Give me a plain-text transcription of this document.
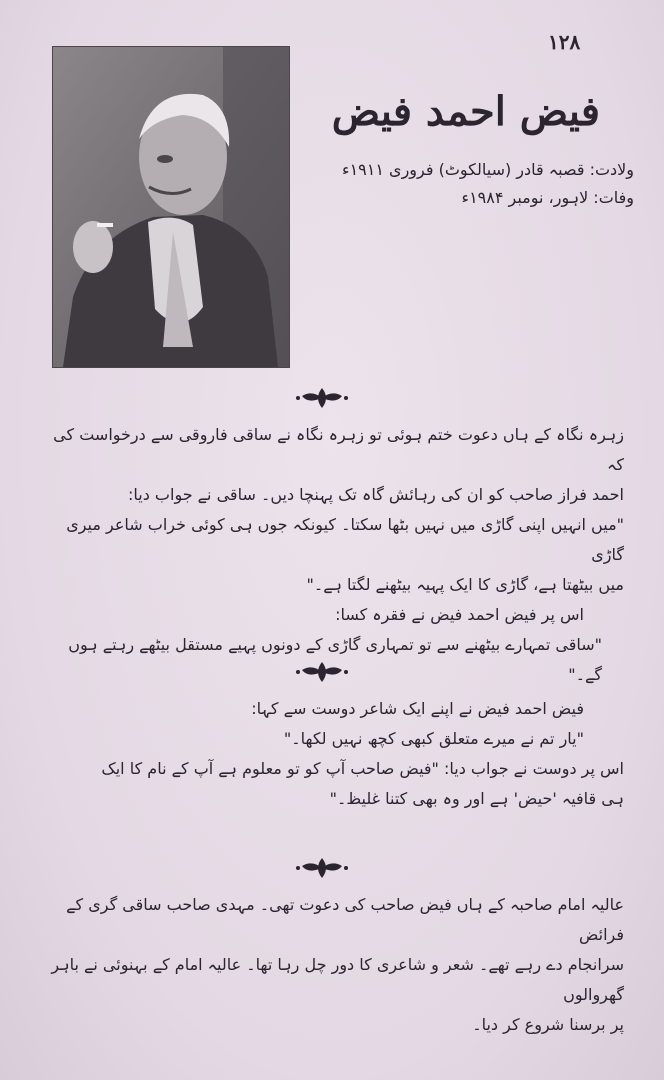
۱۲۸
فیض احمد فیض

ولادت: قصبہ قادر (سیالکوٹ) فروری ۱۹۱۱ء

وفات: لاہور، نومبر ۱۹۸۴ء

زہرہ نگاہ کے ہاں دعوت ختم ہوئی تو زہرہ نگاہ نے ساقی فاروقی سے درخواست کی کہ

احمد فراز صاحب کو ان کی رہائش گاہ تک پہنچا دیں۔ ساقی نے جواب دیا:

"میں انہیں اپنی گاڑی میں نہیں بٹھا سکتا۔ کیونکہ جوں ہی کوئی خراب شاعر میری گاڑی

میں بیٹھتا ہے، گاڑی کا ایک پہیہ بیٹھنے لگتا ہے۔"

اس پر فیض احمد فیض نے فقرہ کسا:

"ساقی تمہارے بیٹھنے سے تو تمہاری گاڑی کے دونوں پہیے مستقل بیٹھے رہتے ہوں گے۔"

فیض احمد فیض نے اپنے ایک شاعر دوست سے کہا:

"یار تم نے میرے متعلق کبھی کچھ نہیں لکھا۔"

اس پر دوست نے جواب دیا: "فیض صاحب آپ کو تو معلوم ہے آپ کے نام کا ایک

ہی قافیہ 'حیض' ہے اور وہ بھی کتنا غلیظ۔"

عالیہ امام صاحبہ کے ہاں فیض صاحب کی دعوت تھی۔ مہدی صاحب ساقی گری کے فرائض

سرانجام دے رہے تھے۔ شعر و شاعری کا دور چل رہا تھا۔ عالیہ امام کے بہنوئی نے باہر گھروالوں

پر برسنا شروع کر دیا۔
